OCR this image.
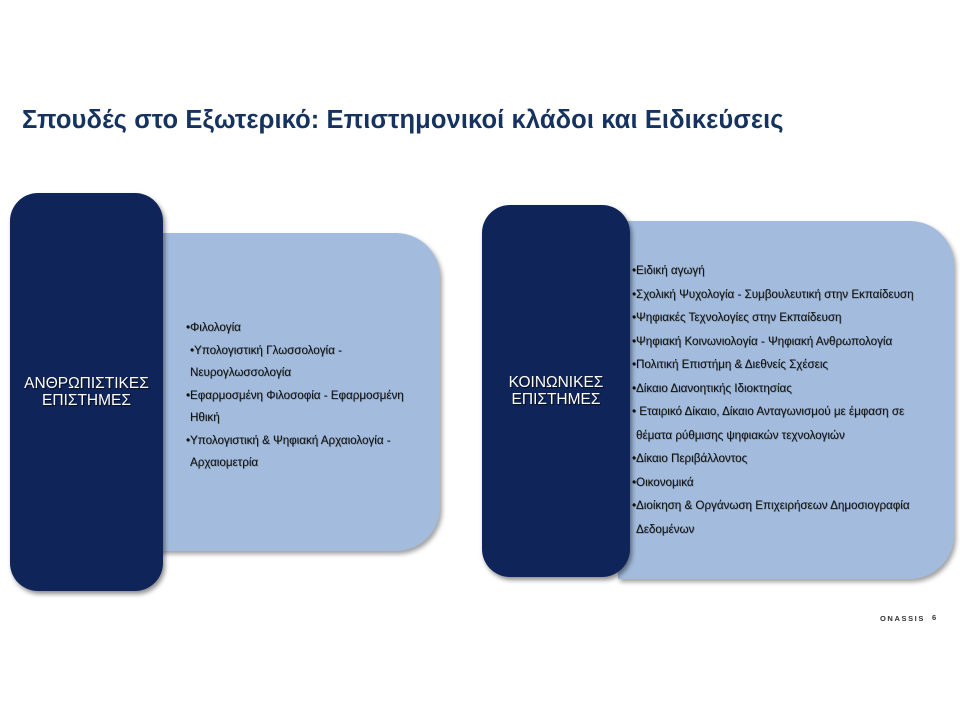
Σπουδές στο Εξωτερικό: Επιστημονικοί κλάδοι και Ειδικεύσεις
•Φιλολογία
•Υπολογιστική Γλωσσολογία -
Νευρογλωσσολογία
•Εφαρμοσμένη Φιλοσοφία - Εφαρμοσμένη
Ηθική
•Υπολογιστική & Ψηφιακή Αρχαιολογία -
Αρχαιομετρία
ΑΝΘΡΩΠΙΣΤΙΚΕΣ
ΕΠΙΣΤΗΜΕΣ
•Ειδική αγωγή
•Σχολική Ψυχολογία - Συμβουλευτική στην Εκπαίδευση
•Ψηφιακές Τεχνολογίες στην Εκπαίδευση
•Ψηφιακή Κοινωνιολογία - Ψηφιακή Ανθρωπολογία
•Πολιτική Επιστήμη & Διεθνείς Σχέσεις
•Δίκαιο Διανοητικής Ιδιοκτησίας
• Εταιρικό Δίκαιο, Δίκαιο Ανταγωνισμού με έμφαση σε
θέματα ρύθμισης ψηφιακών τεχνολογιών
•Δίκαιο Περιβάλλοντος
•Οικονομικά
•Διοίκηση & Οργάνωση Επιχειρήσεων Δημοσιογραφία
Δεδομένων
ΚΟΙΝΩΝΙΚΕΣ
ΕΠΙΣΤΗΜΕΣ
ONASSIS 6
